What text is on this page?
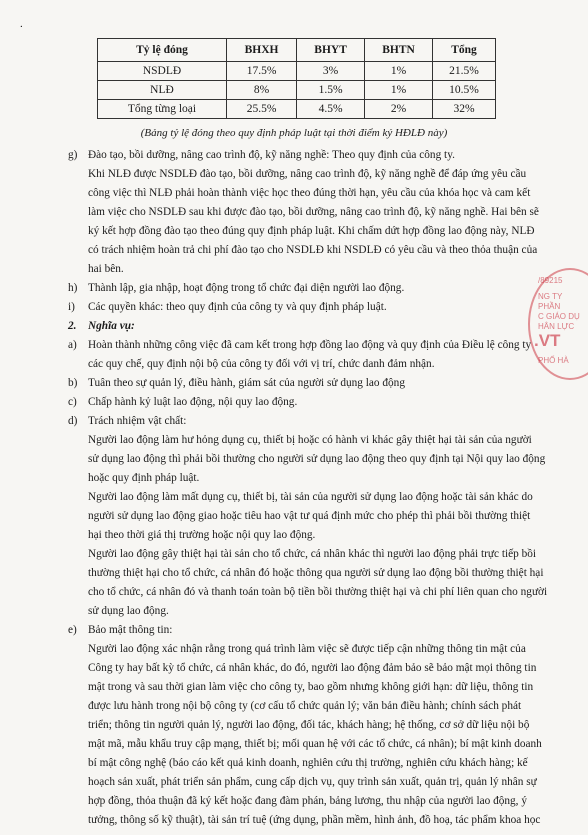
.
Tỷ lệ đóng	BHXH	BHYT	BHTN	Tổng
NSDLĐ	17.5%	3%	1%	21.5%
NLĐ	8%	1.5%	1%	10.5%
Tổng từng loại	25.5%	4.5%	2%	32%
(Bảng tỷ lệ đóng theo quy định pháp luật tại thời điểm ký HĐLĐ này)
/89215
NG TY
PHẦN
C GIÁO DỤ
HÂN LỰC
.VT
PHỐ HÀ
g) Đào tạo, bồi dưỡng, nâng cao trình độ, kỹ năng nghề: Theo quy định của công ty.
Khi NLĐ được NSDLĐ đào tạo, bồi dưỡng, nâng cao trình độ, kỹ năng nghề để đáp ứng yêu cầu
công việc thì NLĐ phải hoàn thành việc học theo đúng thời hạn, yêu cầu của khóa học và cam kết
làm việc cho NSDLĐ sau khi được đào tạo, bồi dưỡng, nâng cao trình độ, kỹ năng nghề. Hai bên sẽ
ký kết hợp đồng đào tạo theo đúng quy định pháp luật. Khi chấm dứt hợp đồng lao động này, NLĐ
có trách nhiệm hoàn trả chi phí đào tạo cho NSDLĐ khi NSDLĐ có yêu cầu và theo thỏa thuận của
hai bên.
h) Thành lập, gia nhập, hoạt động trong tổ chức đại diện người lao động.
i) Các quyền khác: theo quy định của công ty và quy định pháp luật.
2. Nghĩa vụ:
a) Hoàn thành những công việc đã cam kết trong hợp đồng lao động và quy định của Điều lệ công ty
các quy chế, quy định nội bộ của công ty đối với vị trí, chức danh đảm nhận.
b) Tuân theo sự quản lý, điều hành, giám sát của người sử dụng lao động
c) Chấp hành kỷ luật lao động, nội quy lao động.
d) Trách nhiệm vật chất:
Người lao động làm hư hỏng dụng cụ, thiết bị hoặc có hành vi khác gây thiệt hại tài sản của người
sử dụng lao động thì phải bồi thường cho người sử dụng lao động theo quy định tại Nội quy lao động
hoặc quy định pháp luật.
Người lao động làm mất dụng cụ, thiết bị, tài sản của người sử dụng lao động hoặc tài sản khác do
người sử dụng lao động giao hoặc tiêu hao vật tư quá định mức cho phép thì phải bồi thường thiệt
hại theo thời giá thị trường hoặc nội quy lao động.
Người lao động gây thiệt hại tài sản cho tổ chức, cá nhân khác thì người lao động phải trực tiếp bồi
thường thiệt hại cho tổ chức, cá nhân đó hoặc thông qua người sử dụng lao động bồi thường thiệt hại
cho tổ chức, cá nhân đó và thanh toán toàn bộ tiền bồi thường thiệt hại và chi phí liên quan cho người
sử dụng lao động.
e) Bảo mật thông tin:
Người lao động xác nhận rằng trong quá trình làm việc sẽ được tiếp cận những thông tin mật của
Công ty hay bất kỳ tổ chức, cá nhân khác, do đó, người lao động đảm bảo sẽ bảo mật mọi thông tin
mật trong và sau thời gian làm việc cho công ty, bao gồm nhưng không giới hạn: dữ liệu, thông tin
được lưu hành trong nội bộ công ty (cơ cấu tổ chức quản lý; văn bản điều hành; chính sách phát
triển; thông tin người quản lý, người lao động, đối tác, khách hàng; hệ thống, cơ sở dữ liệu nội bộ
mật mã, mẫu khẩu truy cập mạng, thiết bị; mối quan hệ với các tổ chức, cá nhân); bí mật kinh doanh
bí mật công nghệ (báo cáo kết quả kinh doanh, nghiên cứu thị trường, nghiên cứu khách hàng; kế
hoạch sản xuất, phát triển sản phẩm, cung cấp dịch vụ, quy trình sản xuất, quản trị, quản lý nhân sự
hợp đồng, thỏa thuận đã ký kết hoặc đang đàm phán, bảng lương, thu nhập của người lao động, ý
tưởng, thông số kỹ thuật), tài sản trí tuệ (ứng dụng, phần mềm, hình ảnh, đồ hoạ, tác phẩm khoa học
